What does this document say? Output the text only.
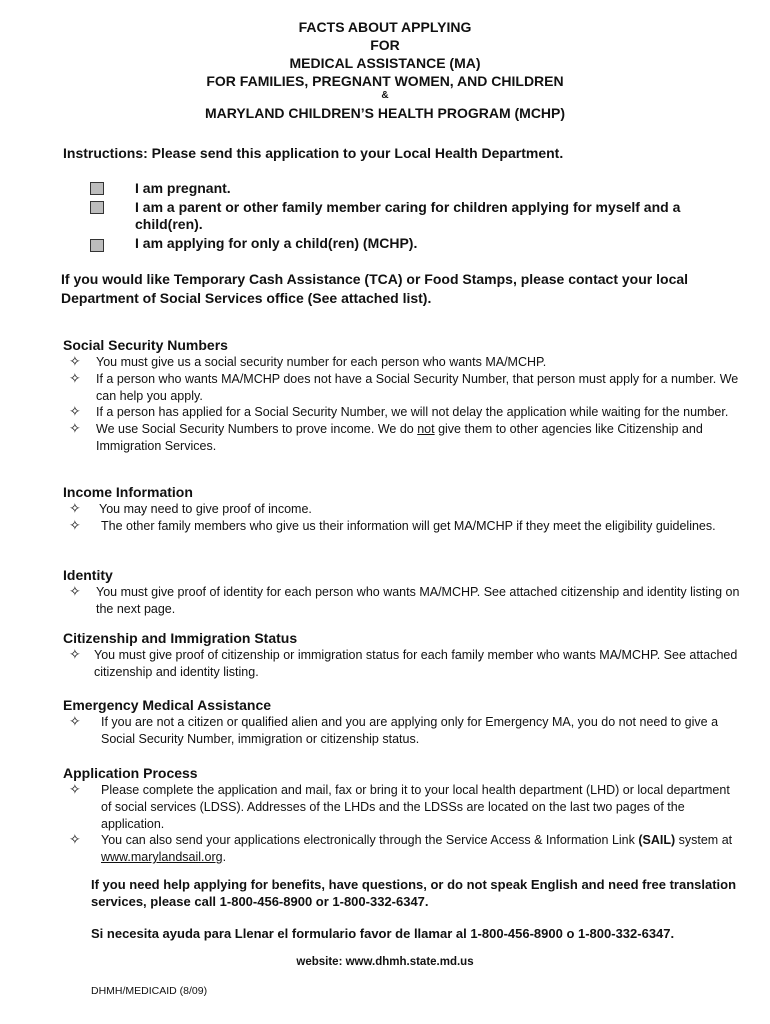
FACTS ABOUT APPLYING
FOR
MEDICAL ASSISTANCE (MA)
FOR FAMILIES, PREGNANT WOMEN, AND CHILDREN
&
MARYLAND CHILDREN’S HEALTH PROGRAM (MCHP)
Instructions: Please send this application to your Local Health Department.
I am pregnant.
I am a parent or other family member caring for children applying for myself and a child(ren).
I am applying for only a child(ren) (MCHP).
If you would like Temporary Cash Assistance (TCA) or Food Stamps, please contact your local Department of Social Services office (See attached list).
Social Security Numbers
✧ You must give us a social security number for each person who wants MA/MCHP.
✧ If a person who wants MA/MCHP does not have a Social Security Number, that person must apply for a number. We can help you apply.
✧ If a person has applied for a Social Security Number, we will not delay the application while waiting for the number.
✧ We use Social Security Numbers to prove income. We do not give them to other agencies like Citizenship and Immigration Services.
Income Information
✧ You may need to give proof of income.
✧ The other family members who give us their information will get MA/MCHP if they meet the eligibility guidelines.
Identity
✧ You must give proof of identity for each person who wants MA/MCHP. See attached citizenship and identity listing on the next page.
Citizenship and Immigration Status
✧ You must give proof of citizenship or immigration status for each family member who wants MA/MCHP. See attached citizenship and identity listing.
Emergency Medical Assistance
✧ If you are not a citizen or qualified alien and you are applying only for Emergency MA, you do not need to give a Social Security Number, immigration or citizenship status.
Application Process
✧ Please complete the application and mail, fax or bring it to your local health department (LHD) or local department of social services (LDSS). Addresses of the LHDs and the LDSSs are located on the last two pages of the application.
✧ You can also send your applications electronically through the Service Access & Information Link (SAIL) system at www.marylandsail.org.
If you need help applying for benefits, have questions, or do not speak English and need free translation services, please call 1-800-456-8900 or 1-800-332-6347.
Si necesita ayuda para Llenar el formulario favor de llamar al 1-800-456-8900 o 1-800-332-6347.
website: www.dhmh.state.md.us
DHMH/MEDICAID (8/09)
